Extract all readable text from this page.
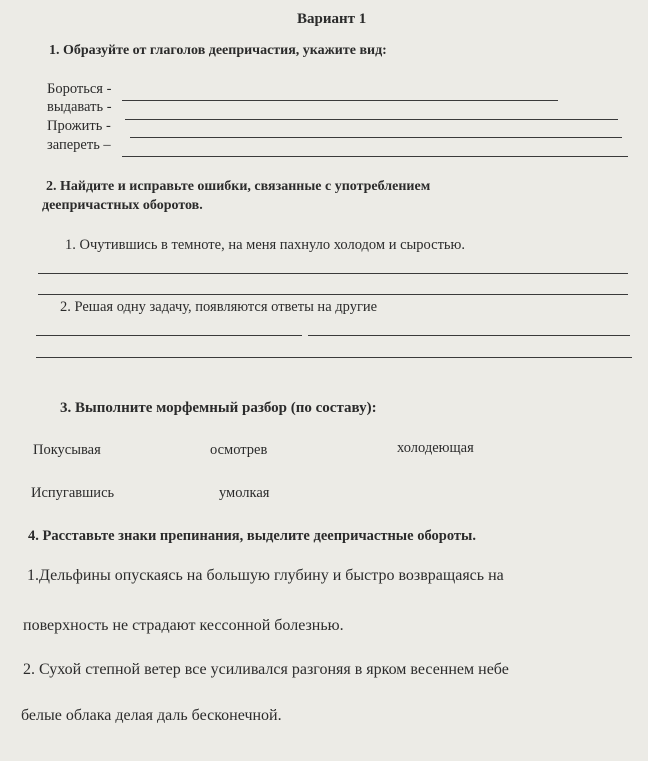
Вариант 1
1. Образуйте от глаголов деепричастия, укажите вид:
Бороться -
выдавать -
Прожить -
запереть –
2. Найдите и исправьте ошибки, связанные с употреблением
деепричастных оборотов.
1. Очутившись в темноте, на меня пахнуло холодом и сыростью.
2. Решая одну задачу, появляются ответы на другие
3. Выполните морфемный разбор (по составу):
Покусывая	осмотрев	холодеющая
Испугавшись	умолкая
4. Расставьте знаки препинания, выделите деепричастные обороты.
1.Дельфины опускаясь на большую глубину и быстро возвращаясь на
поверхность не страдают кессонной болезнью.
2. Сухой степной ветер все усиливался разгоняя в ярком весеннем небе
белые облака делая даль бесконечной.
